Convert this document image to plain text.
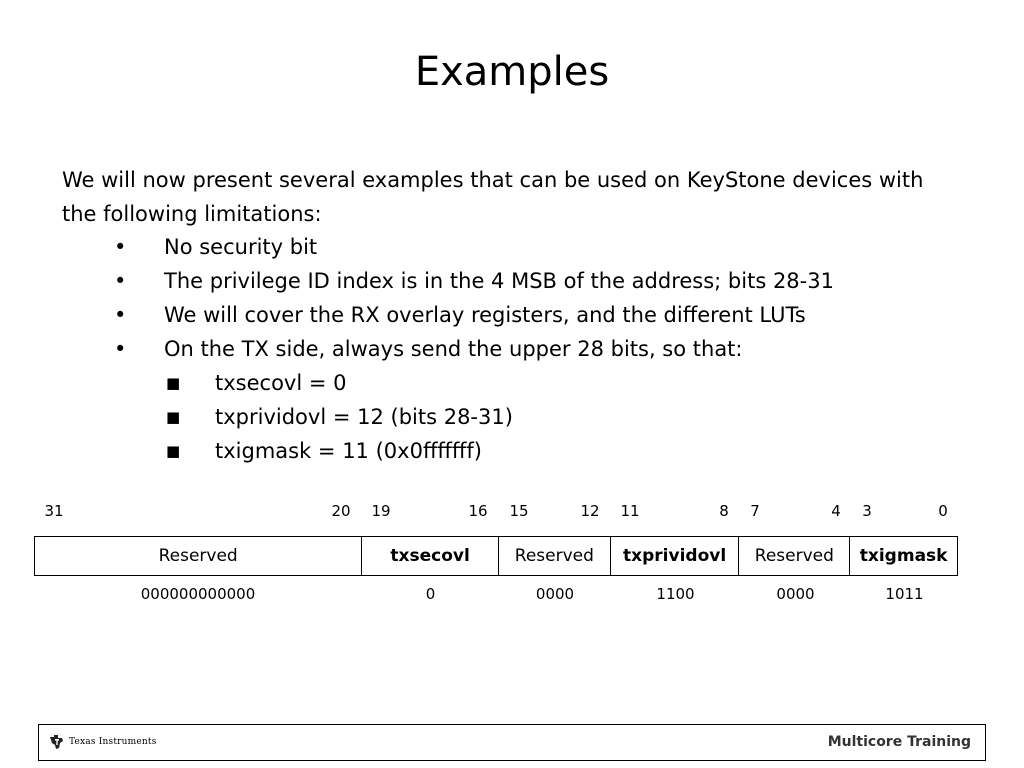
Examples
We will now present several examples that can be used on KeyStone devices with the following limitations:
• No security bit
• The privilege ID index is in the 4 MSB of the address; bits 28-31
• We will cover the RX overlay registers, and the different LUTs
• On the TX side, always send the upper 28 bits, so that:
■ txsecovl = 0
■ txprividovl = 12 (bits 28-31)
■ txigmask = 11 (0x0fffffff)
31	20 19	16 15	12 11	8 7	4 3	0
Reserved	txsecovl	Reserved	txprividovl	Reserved	txigmask
000000000000	0	0000	1100	0000	1011
Texas Instruments	Multicore Training
